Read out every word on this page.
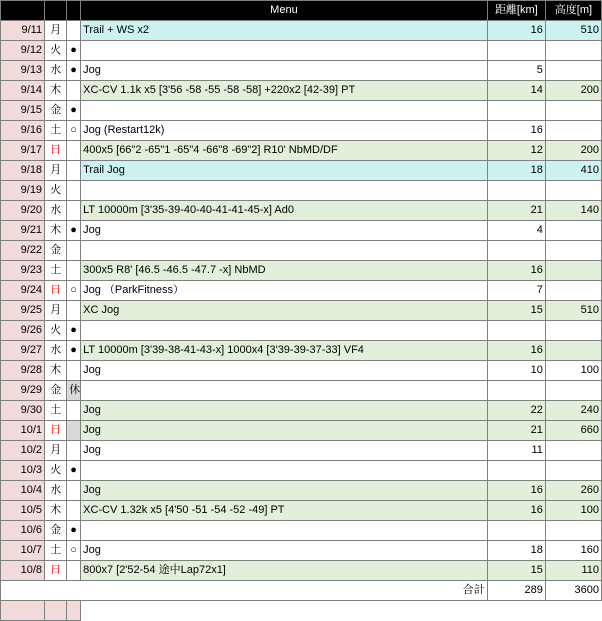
			Menu	距離[km]	高度[m]
9/11	月		Trail + WS x2	16	510
9/12	火	●			
9/13	水	●	Jog	5	
9/14	木		XC-CV 1.1k x5 [3'56 -58 -55 -58 -58] +220x2 [42-39] PT	14	200
9/15	金	●			
9/16	土	○	Jog (Restart12k)	16	
9/17	日		400x5 [66"2 -65"1 -65"4 -66"8 -69"2] R10' NbMD/DF	12	200
9/18	月		Trail Jog	18	410
9/19	火				
9/20	水		LT 10000m [3'35-39-40-40-41-41-45-x] Ad0	21	140
9/21	木	●	Jog	4	
9/22	金				
9/23	土		300x5 R8' [46.5 -46.5 -47.7 -x] NbMD	16	
9/24	日	○	Jog （ParkFitness）	7	
9/25	月		XC Jog	15	510
9/26	火	●			
9/27	水	●	LT 10000m [3'39-38-41-43-x] 1000x4 [3'39-39-37-33] VF4	16	
9/28	木		Jog	10	100
9/29	金	休			
9/30	土		Jog	22	240
10/1	日		Jog	21	660
10/2	月		Jog	11	
10/3	火	●			
10/4	水		Jog	16	260
10/5	木		XC-CV 1.32k x5 [4'50 -51 -54 -52 -49] PT	16	100
10/6	金	●			
10/7	土	○	Jog	18	160
10/8	日		800x7 [2'52-54 途中Lap72x1]	15	110
合計				289	3600
